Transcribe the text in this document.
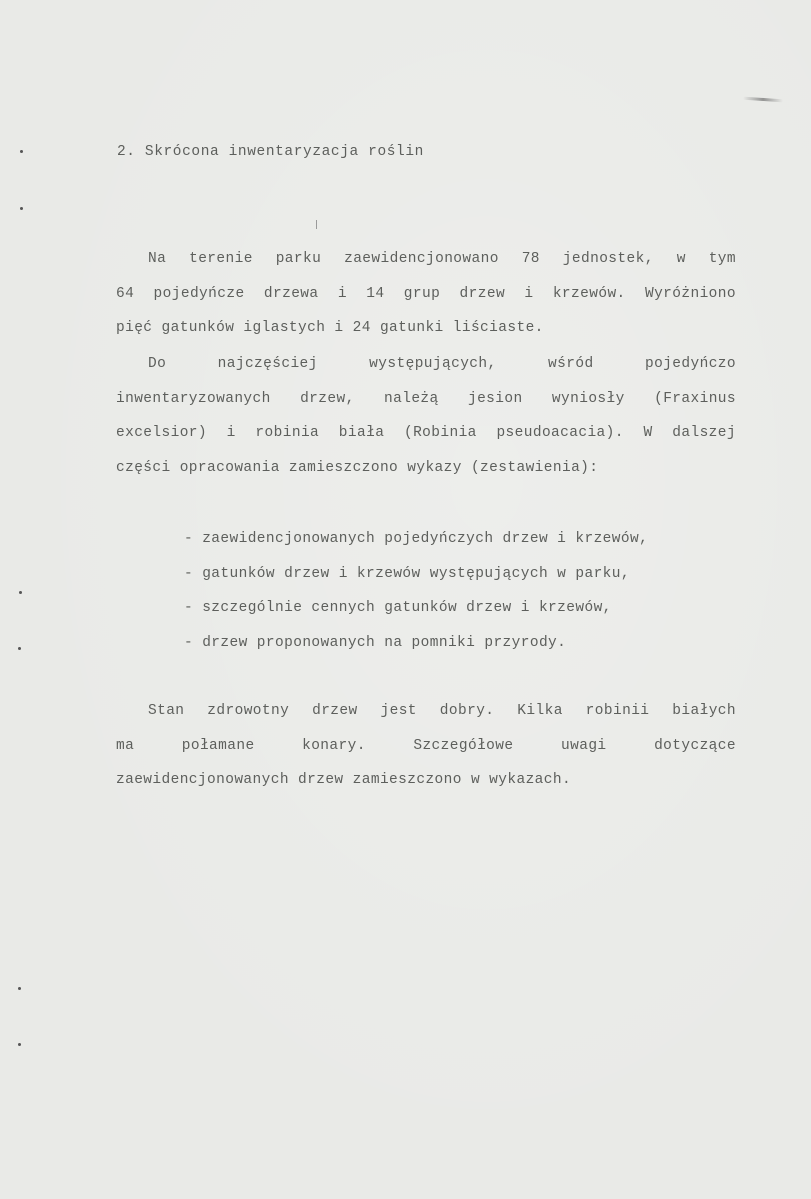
2. Skrócona inwentaryzacja roślin
Na terenie parku zaewidencjonowano 78 jednostek, w tym
64 pojedyńcze drzewa i 14 grup drzew i krzewów. Wyróżniono
pięć gatunków iglastych i 24 gatunki liściaste.
Do najczęściej występujących, wśród pojedyńczo
inwentaryzowanych drzew, należą jesion wyniosły (Fraxinus
excelsior) i robinia biała (Robinia pseudoacacia). W dalszej
części opracowania zamieszczono wykazy (zestawienia):
- zaewidencjonowanych pojedyńczych drzew i krzewów,
- gatunków drzew i krzewów występujących w parku,
- szczególnie cennych gatunków drzew i krzewów,
- drzew proponowanych na pomniki przyrody.
Stan zdrowotny drzew jest dobry. Kilka robinii białych
ma połamane konary. Szczegółowe uwagi dotyczące
zaewidencjonowanych drzew zamieszczono w wykazach.
